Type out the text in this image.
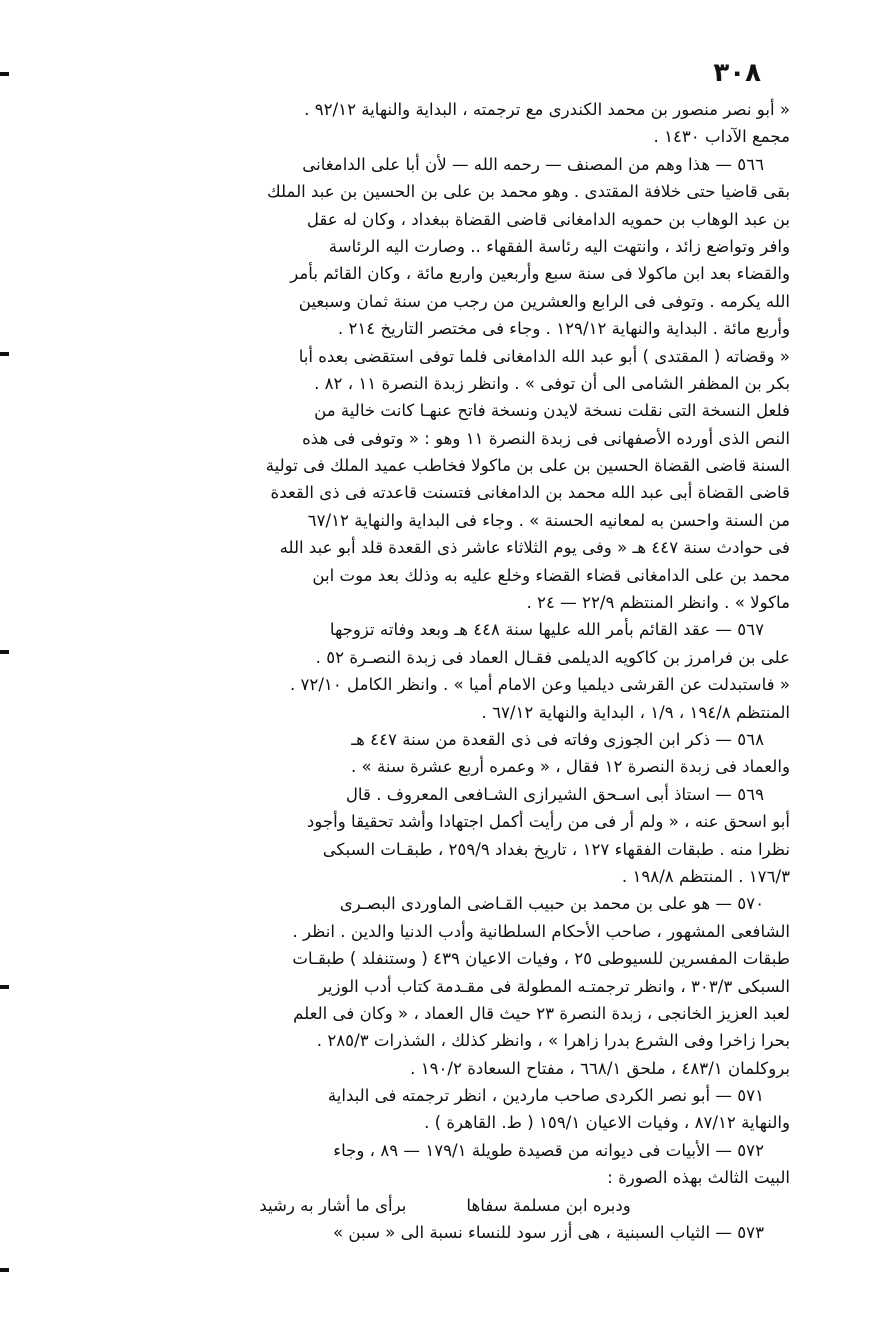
٣٠٨
« أبو نصر منصور بن محمد الكندرى مع ترجمته ، البداية والنهاية ٩٢/١٢ .
مجمع الآداب ١٤٣٠ .
٥٦٦ — هذا وهم من المصنف — رحمه الله — لأن أبا على الدامغانى
بقى قاضيا حتى خلافة المقتدى . وهو محمد بن على بن الحسين بن عبد الملك
بن عبد الوهاب بن حمويه الدامغانى قاضى القضاة ببغداد ، وكان له عقل
وافر وتواضع زائد ، وانتهت اليه رئاسة الفقهاء .. وصارت اليه الرئاسة
والقضاء بعد ابن ماكولا فى سنة سبع وأربعين واربع مائة ، وكان القائم بأمر
الله يكرمه . وتوفى فى الرابع والعشرين من رجب من سنة ثمان وسبعين
وأربع مائة . البداية والنهاية ١٢٩/١٢ . وجاء فى مختصر التاريخ ٢١٤ .
« وقضاته ( المقتدى ) أبو عبد الله الدامغانى فلما توفى استقضى بعده أبا
بكر بن المظفر الشامى الى أن توفى » . وانظر زبدة النصرة ١١ ، ٨٢ .
فلعل النسخة التى نقلت نسخة لايدن ونسخة فاتح عنهـا كانت خالية من
النص الذى أورده الأصفهانى فى زبدة النصرة ١١ وهو : « وتوفى فى هذه
السنة قاضى القضاة الحسين بن على بن ماكولا فخاطب عميد الملك فى تولية
قاضى القضاة أبى عبد الله محمد بن الدامغانى فتسنت قاعدته فى ذى القعدة
من السنة واحسن به لمعانيه الحسنة » . وجاء فى البداية والنهاية ٦٧/١٢
فى حوادث سنة ٤٤٧ هـ « وفى يوم الثلاثاء عاشر ذى القعدة قلد أبو عبد الله
محمد بن على الدامغانى قضاء القضاء وخلع عليه به وذلك بعد موت ابن
ماكولا » . وانظر المنتظم ٢٢/٩ — ٢٤ .
٥٦٧ — عقد القائم بأمر الله عليها سنة ٤٤٨ هـ وبعد وفاته تزوجها
على بن فرامرز بن كاكويه الديلمى فقـال العماد فى زبدة النصـرة ٥٢ .
« فاستبدلت عن القرشى ديلميا وعن الامام أميا » . وانظر الكامل ٧٢/١٠ .
المنتظم ١٩٤/٨ ، ١/٩ ، البداية والنهاية ٦٧/١٢ .
٥٦٨ — ذكر ابن الجوزى وفاته فى ذى القعدة من سنة ٤٤٧ هـ
والعماد فى زبدة النصرة ١٢ فقال ، « وعمره أربع عشرة سنة » .
٥٦٩ — استاذ أبى اسـحق الشيرازى الشـافعى المعروف . قال
أبو اسحق عنه ، « ولم أر فى من رأيت أكمل اجتهادا وأشد تحقيقا وأجود
نظرا منه . طبقات الفقهاء ١٢٧ ، تاريخ بغداد ٢٥٩/٩ ، طبقـات السبكى
١٧٦/٣ . المنتظم ١٩٨/٨ .
٥٧٠ — هو على بن محمد بن حبيب القـاضى الماوردى البصـرى
الشافعى المشهور ، صاحب الأحكام السلطانية وأدب الدنيا والدين . انظر .
طبقات المفسرين للسيوطى ٢٥ ، وفيات الاعيان ٤٣٩ ( وستنفلد ) طبقـات
السبكى ٣٠٣/٣ ، وانظر ترجمتـه المطولة فى مقـدمة كتاب أدب الوزير
لعبد العزيز الخانجى ، زبدة النصرة ٢٣ حيث قال العماد ، « وكان فى العلم
بحرا زاخرا وفى الشرع بدرا زاهرا » ، وانظر كذلك ، الشذرات ٢٨٥/٣ .
بروكلمان ٤٨٣/١ ، ملحق ٦٦٨/١ ، مفتاح السعادة ١٩٠/٢ .
٥٧١ — أبو نصر الكردى صاحب ماردين ، انظر ترجمته فى البداية
والنهاية ٨٧/١٢ ، وفيات الاعيان ١٥٩/١ ( ط. القاهرة ) .
٥٧٢ — الأبيات فى ديوانه من قصيدة طويلة ١٧٩/١ — ٨٩ ، وجاء
البيت الثالث بهذه الصورة :
ودبره ابن مسلمة سفاها
برأى ما أشار به رشيد
٥٧٣ — الثياب السبنية ، هى أزر سود للنساء نسبة الى « سبن »
